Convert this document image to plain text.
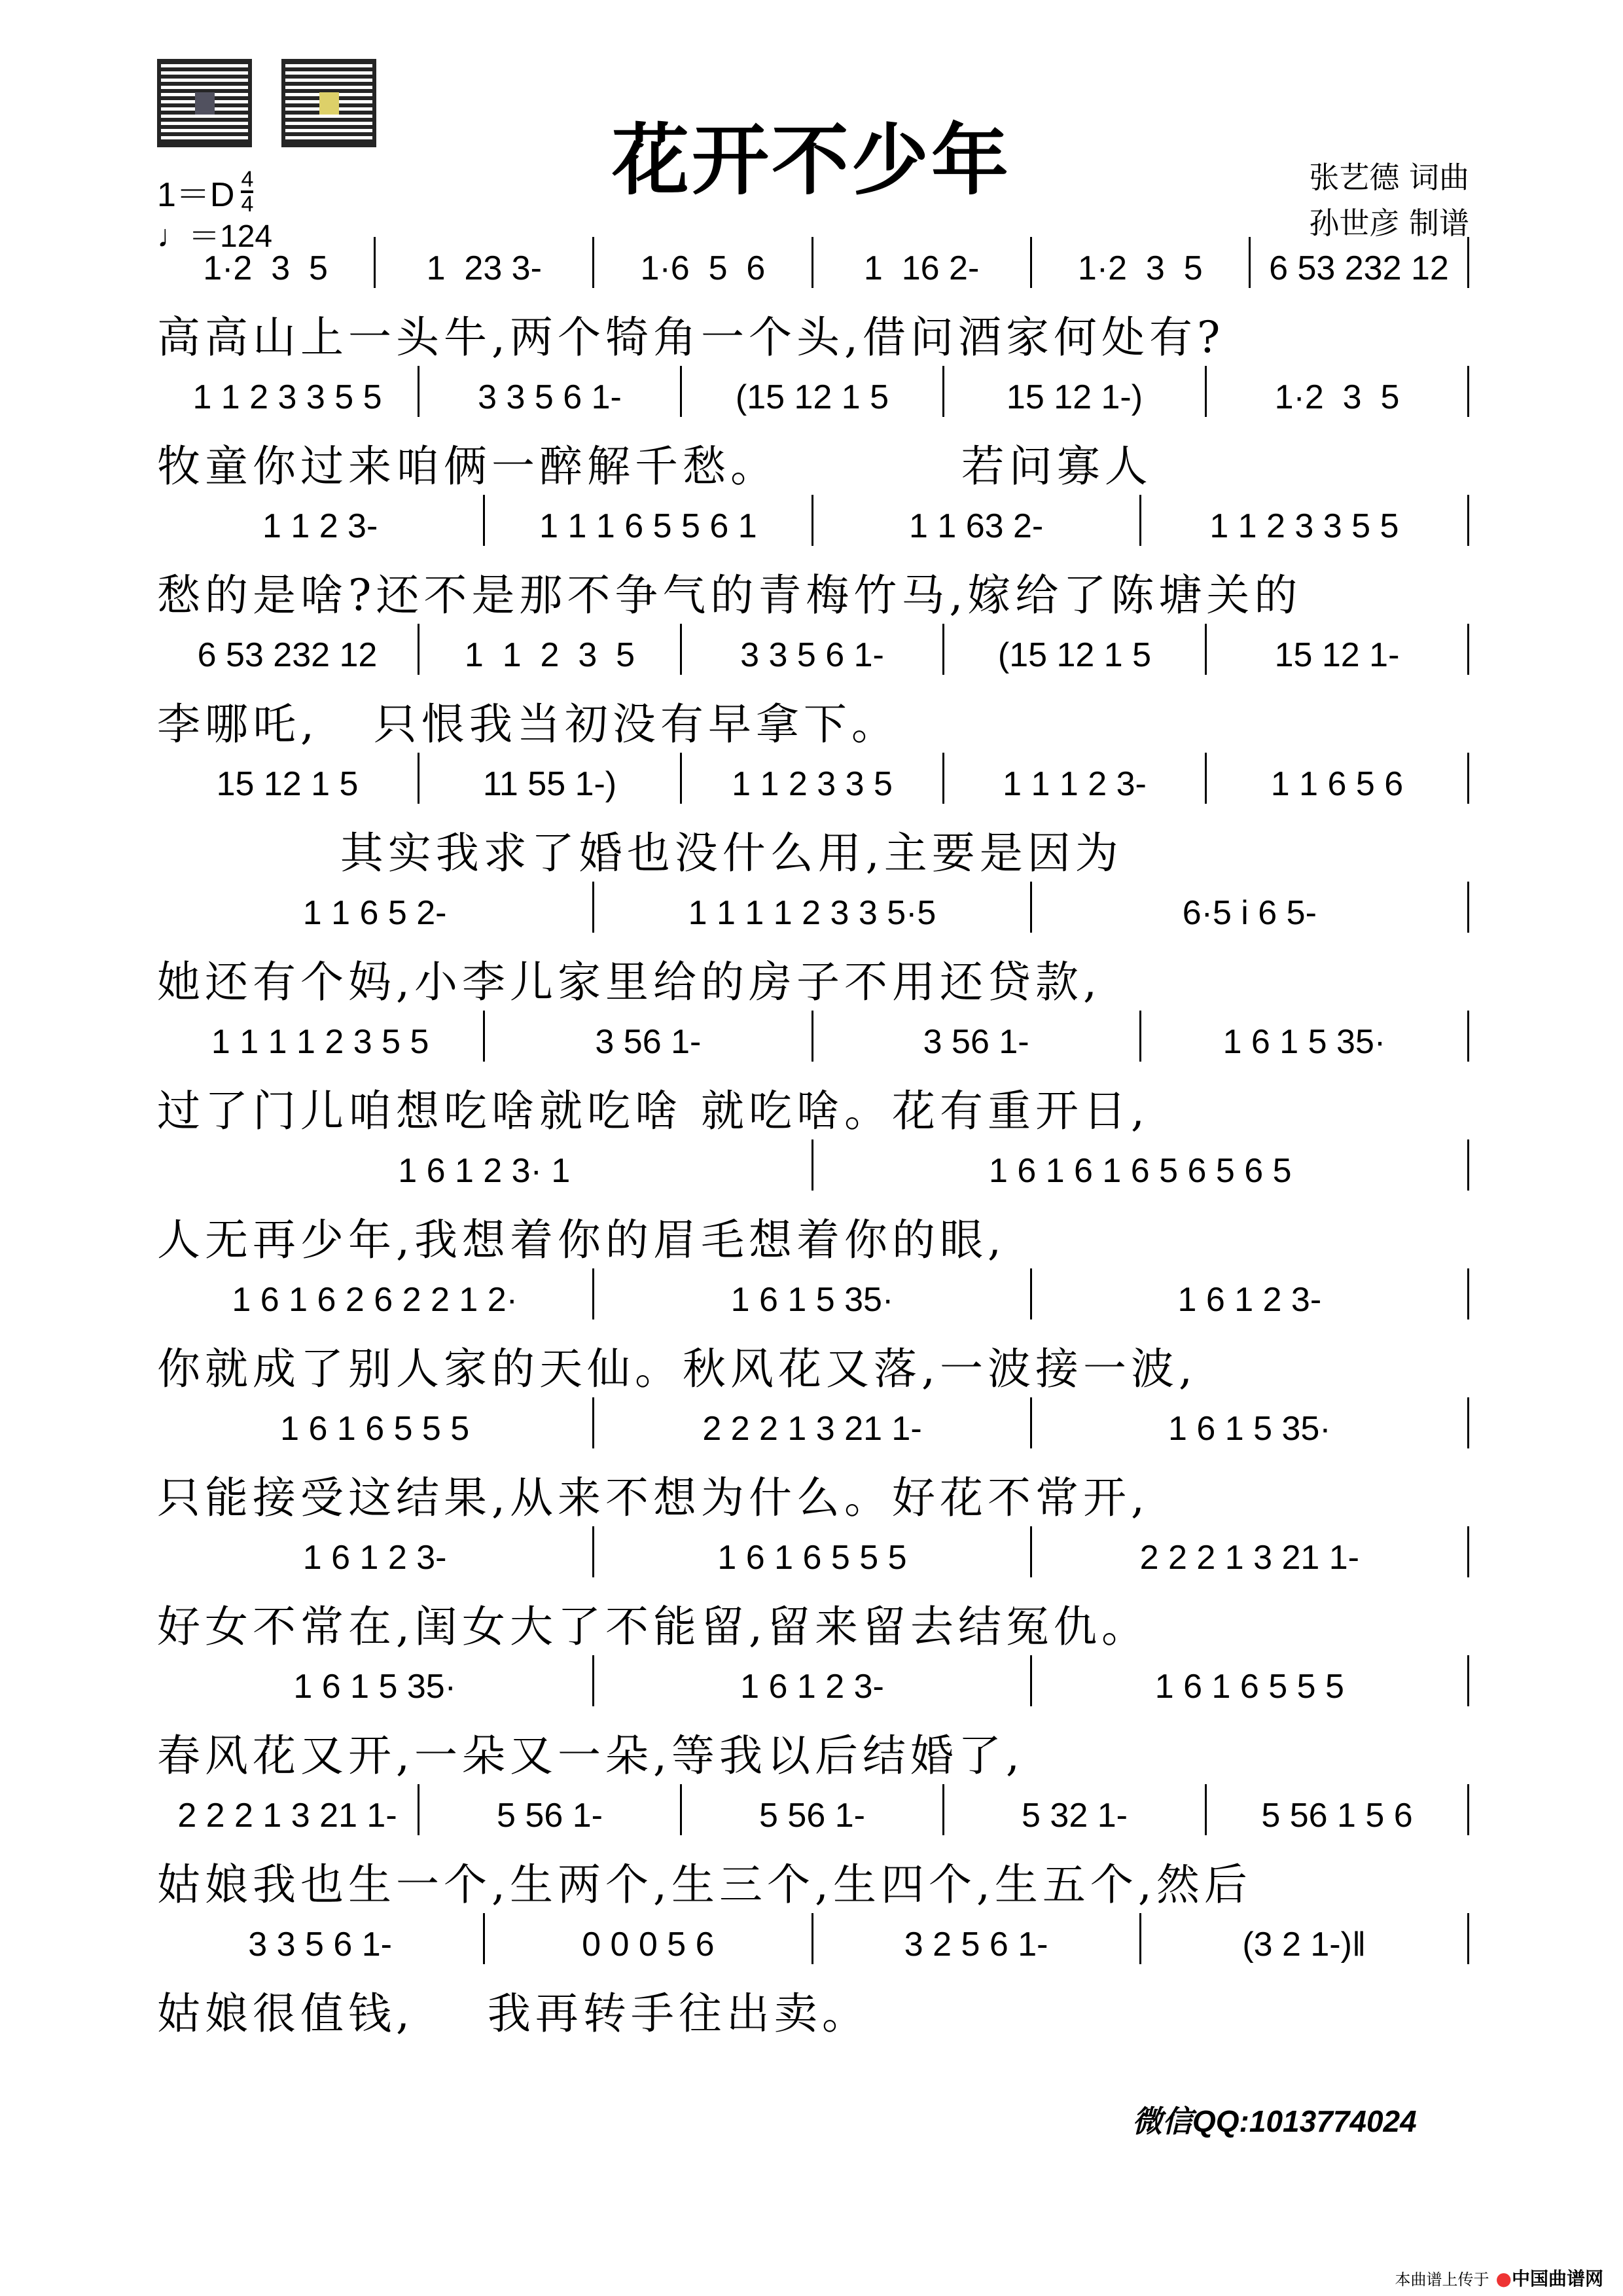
花开不少年
$1=D \frac{4}{4}$
♩＝124
张艺德 词曲
孙世彦 制谱
1·2  3  5	1  23 3-	1·6  5  6	1  16 2-	1·2  3  5	6 53 232 12
高高山上一头牛,两个犄角一个头,借问酒家何处有?
1 1 2 3 3 5 5	3 3 5 6 1-	(15 12 1 5	15 12 1-)	1·2  3  5
牧童你过来咱俩一醉解千愁。          若问寡人
1 1 2 3-	1 1 1 6 5 5 6 1	1 1 63 2-	1 1 2 3 3 5 5
愁的是啥?还不是那不争气的青梅竹马,嫁给了陈塘关的
6 53 232 12	1  1  2  3  5	3 3 5 6 1-	(15 12 1 5	15 12 1-
李哪吒,   只恨我当初没有早拿下。
15 12 1 5	11 55 1-)	1 1 2 3 3 5	1 1 1 2 3-	1 1 6 5 6
其实我求了婚也没什么用,主要是因为
1 1 6 5 2-	1 1 1 1 2 3 3 5·5	6·5 i 6 5-
她还有个妈,小李儿家里给的房子不用还贷款,
1 1 1 1 2 3 5 5	3 56 1-	3 56 1-	1 6 1 5 35·
过了门儿咱想吃啥就吃啥 就吃啥。花有重开日,
1 6 1 2 3· 1	1 6 1 6 1 6 5 6 5 6 5
人无再少年,我想着你的眉毛想着你的眼,
1 6 1 6 2 6 2 2 1 2·	1 6 1 5 35·	1 6 1 2 3-
你就成了别人家的天仙。秋风花又落,一波接一波,
1 6 1 6 5 5 5	2 2 2 1 3 21 1-	1 6 1 5 35·
只能接受这结果,从来不想为什么。好花不常开,
1 6 1 2 3-	1 6 1 6 5 5 5	2 2 2 1 3 21 1-
好女不常在,闺女大了不能留,留来留去结冤仇。
1 6 1 5 35·	1 6 1 2 3-	1 6 1 6 5 5 5
春风花又开,一朵又一朵,等我以后结婚了,
2 2 2 1 3 21 1-	5 56 1-	5 56 1-	5 32 1-	5 56 1 5 6
姑娘我也生一个,生两个,生三个,生四个,生五个,然后
3 3 5 6 1-	0 0 0 5 6	3 2 5 6 1-	(3 2 1-)‖
姑娘很值钱,    我再转手往出卖。
微信QQ:1013774024
本曲谱上传于 ●中国曲谱网
